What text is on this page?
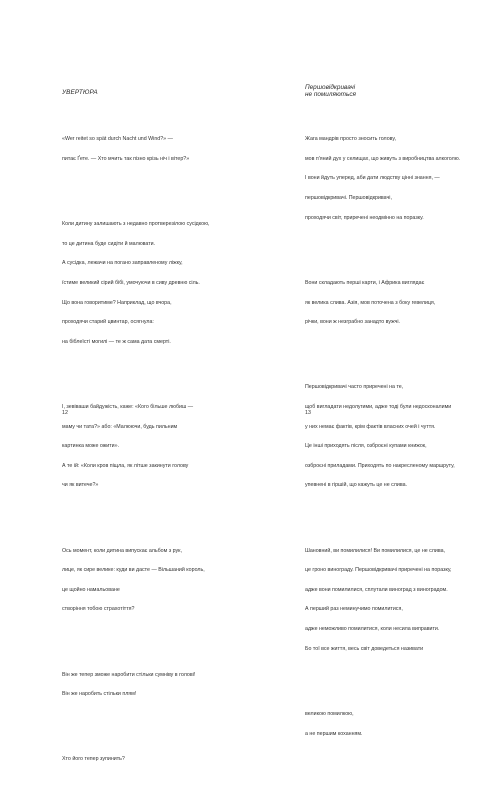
УВЕРТЮРА

«Wer reitet so spät durch Nacht und Wind?» —

питає Ґете. — Хто мчить так пізно крізь ніч і вітер?»

Коли дитину залишають з недавно протверезілою сусідкою,

то це дитина буде сидіти й малювати.

А сусідка, лежачи на погано заправленому ліжку,

їстиме великий сірий бібі, умочуючи в сиву древню сіль.

Що вона говоритиме? Наприклад, що вчора,

проходячи старий цвинтар, осягнула:

на біблеїсті могилі — те ж сама дата смерті.

І, зевіваши байдужість, каже: «Кого більше любиш —

маму чи тата?» або: «Малюючи, будь пильним

картинка може ожити».

А те ій: «Коли кров піщла, як літше закинути голову

чи як витече?»

Ось момент, коли дитина випускає альбом з рук,

лице, як сире велике: куди ви дасте — Вільшаний король,

це щойно намальоване

створіння тобою страхотіття?

Він же тепер зможе наробити стільки сумніву в голові!

Він же наробить стільки плям!

Хто його тепер зупинить?

12
Першовідкривачі
не помиляються

Жага мандрів просто зносить голову,

мов п'яний дух у селищах, що живуть з виробництва алкоголю.

І вони йдуть уперед, аби дати людству цінні знання, —

першовідкривачі. Першовідкривачі,

проходячи світ, приречені неодмінно на поразку.

Вони складають перші карти, і Африка виглядає

як велика слива. Азія, мов поточена з боку гевелиця,

річки, вони ж незграбно занадто вужчі.

Першовідкривачі часто приречені на те,

щоб вигладати недолугими, адже тоді були недосконалими

у них немає фактів, крім фактів власних очей і чуття.

Це інші приходять після, озброєні купами книжок,

озброєні приладами. Приходять по накресленому маршруту,

упевнені в гіршій, що кажуть це не слива.

Шановний, ви помилилися! Ви помилилися, це не слива,

це гроно винограду. Першовідкривачі приречені на поразку,

адже вони помилилися, сплутали виноград з виноградом.

А перший раз неминучимо помилитися,

адже неможливо помилитися, коли несила виправити.

Бо тої все життя, весь світ доведеться називати

великою помилкою,

а не першим коханням.

13
